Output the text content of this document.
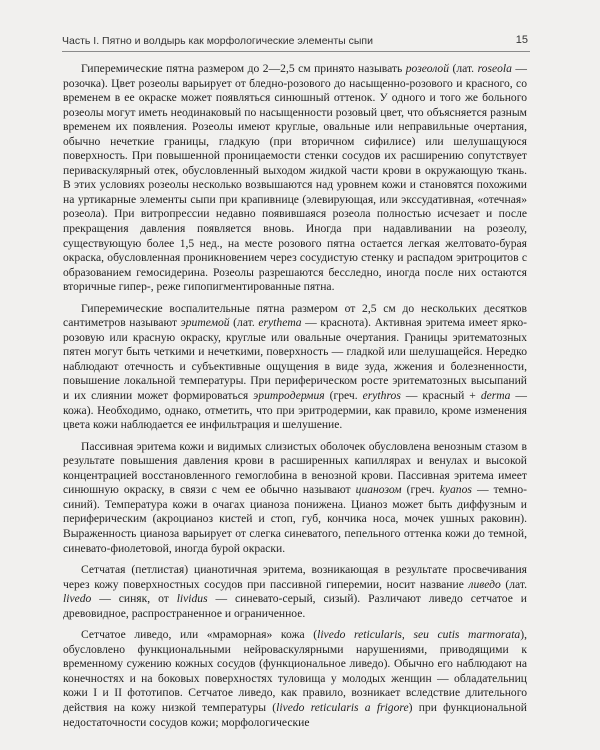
Часть I. Пятно и волдырь как морфологические элементы сыпи	15

Гиперемические пятна размером до 2—2,5 см принято называть розеолой (лат. roseola — розочка). Цвет розеолы варьирует от бледно-розового до насыщенно-розового и красного, со временем в ее окраске может появляться синюшный оттенок. У одного и того же больного розеолы могут иметь неодинаковый по насыщенности розовый цвет, что объясняется разным временем их появления. Розеолы имеют круглые, овальные или неправильные очертания, обычно нечеткие границы, гладкую (при вторичном сифилисе) или шелушащуюся поверхность. При повышенной проницаемости стенки сосудов их расширению сопутствует периваскулярный отек, обусловленный выходом жидкой части крови в окружающую ткань. В этих условиях розеолы несколько возвышаются над уровнем кожи и становятся похожими на уртикарные элементы сыпи при крапивнице (элевирующая, или экссудативная, «отечная» розеола). При витропрессии недавно появившаяся розеола полностью исчезает и после прекращения давления появляется вновь. Иногда при надавливании на розеолу, существующую более 1,5 нед., на месте розового пятна остается легкая желтовато-бурая окраска, обусловленная проникновением через сосудистую стенку и распадом эритроцитов с образованием гемосидерина. Розеолы разрешаются бесследно, иногда после них остаются вторичные гипер-, реже гипопигментированные пятна.

Гиперемические воспалительные пятна размером от 2,5 см до нескольких десятков сантиметров называют эритемой (лат. erythema — краснота). Активная эритема имеет ярко-розовую или красную окраску, круглые или овальные очертания. Границы эритематозных пятен могут быть четкими и нечеткими, поверхность — гладкой или шелушащейся. Нередко наблюдают отечность и субъективные ощущения в виде зуда, жжения и болезненности, повышение локальной температуры. При периферическом росте эритематозных высыпаний и их слиянии может формироваться эритродермия (греч. erythros — красный + derma — кожа). Необходимо, однако, отметить, что при эритродермии, как правило, кроме изменения цвета кожи наблюдается ее инфильтрация и шелушение.

Пассивная эритема кожи и видимых слизистых оболочек обусловлена венозным стазом в результате повышения давления крови в расширенных капиллярах и венулах и высокой концентрацией восстановленного гемоглобина в венозной крови. Пассивная эритема имеет синюшную окраску, в связи с чем ее обычно называют цианозом (греч. kyanos — темно-синий). Температура кожи в очагах цианоза понижена. Цианоз может быть диффузным и периферическим (акроцианоз кистей и стоп, губ, кончика носа, мочек ушных раковин). Выраженность цианоза варьирует от слегка синеватого, пепельного оттенка кожи до темной, синевато-фиолетовой, иногда бурой окраски.

Сетчатая (петлистая) цианотичная эритема, возникающая в результате просвечивания через кожу поверхностных сосудов при пассивной гиперемии, носит название ливедо (лат. livedo — синяк, от lividus — синевато-серый, сизый). Различают ливедо сетчатое и древовидное, распространенное и ограниченное.

Сетчатое ливедо, или «мраморная» кожа (livedo reticularis, seu cutis marmorata), обусловлено функциональными нейроваскулярными нарушениями, приводящими к временному сужению кожных сосудов (функциональное ливедо). Обычно его наблюдают на конечностях и на боковых поверхностях туловища у молодых женщин — обладательниц кожи I и II фототипов. Сетчатое ливедо, как правило, возникает вследствие длительного действия на кожу низкой температуры (livedo reticularis a frigore) при функциональной недостаточности сосудов кожи; морфологические
